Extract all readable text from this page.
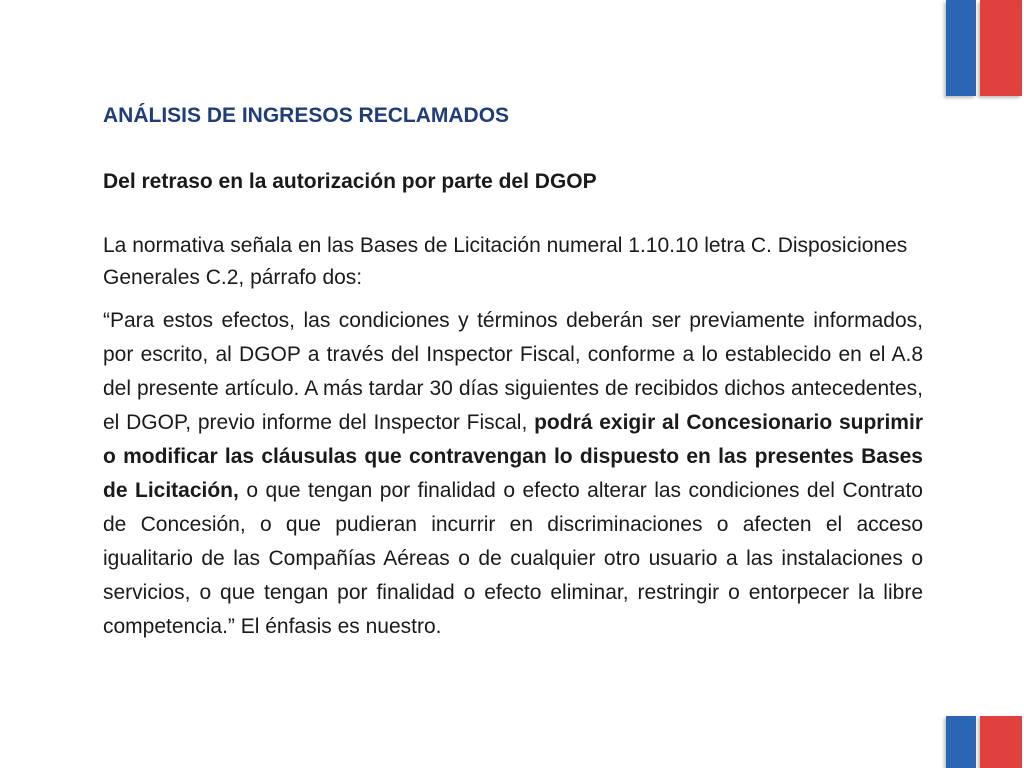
ANÁLISIS DE INGRESOS RECLAMADOS

Del retraso en la autorización por parte del DGOP

La normativa señala en las Bases de Licitación numeral 1.10.10 letra C. Disposiciones Generales C.2, párrafo dos:

“Para estos efectos, las condiciones y términos deberán ser previamente informados, por escrito, al DGOP a través del Inspector Fiscal, conforme a lo establecido en el A.8 del presente artículo. A más tardar 30 días siguientes de recibidos dichos antecedentes, el DGOP, previo informe del Inspector Fiscal, podrá exigir al Concesionario suprimir o modificar las cláusulas que contravengan lo dispuesto en las presentes Bases de Licitación, o que tengan por finalidad o efecto alterar las condiciones del Contrato de Concesión, o que pudieran incurrir en discriminaciones o afecten el acceso igualitario de las Compañías Aéreas o de cualquier otro usuario a las instalaciones o servicios, o que tengan por finalidad o efecto eliminar, restringir o entorpecer la libre competencia.” El énfasis es nuestro.
